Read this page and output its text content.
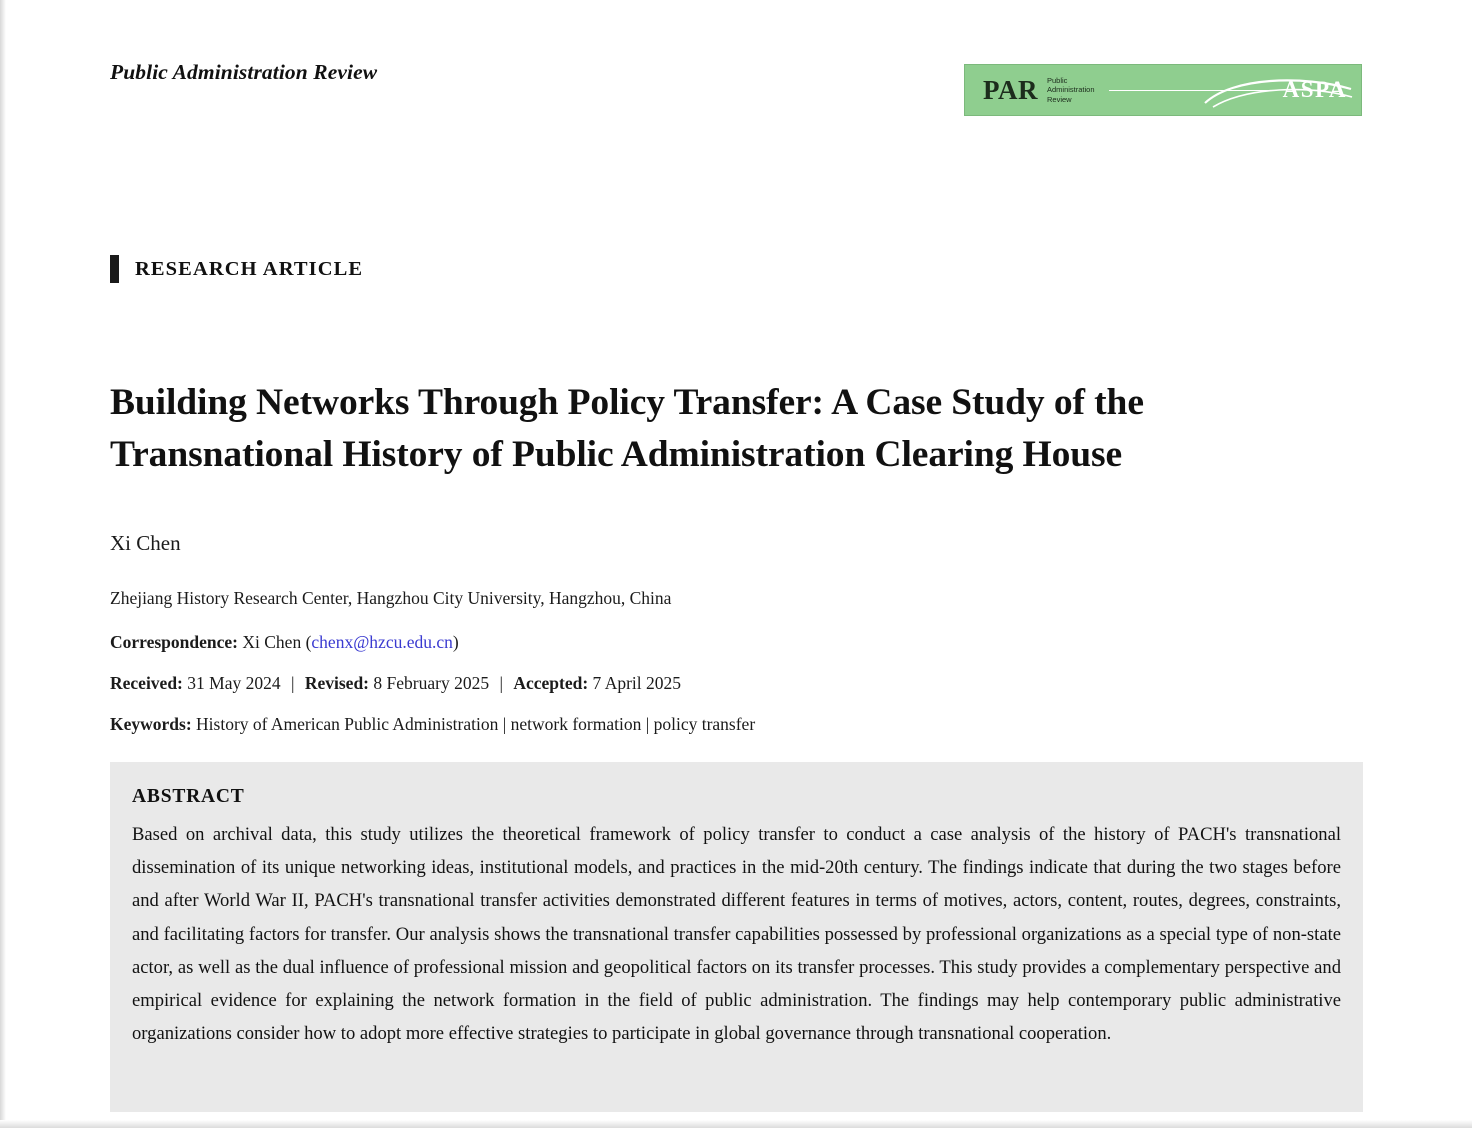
Public Administration Review
PAR Public
Administration
Review	ASPA
RESEARCH ARTICLE
Building Networks Through Policy Transfer: A Case Study of the Transnational History of Public Administration Clearing House
Xi Chen
Zhejiang History Research Center, Hangzhou City University, Hangzhou, China
Correspondence: Xi Chen (chenx@hzcu.edu.cn)
Received: 31 May 2024 | Revised: 8 February 2025 | Accepted: 7 April 2025
Keywords: History of American Public Administration | network formation | policy transfer
ABSTRACT
Based on archival data, this study utilizes the theoretical framework of policy transfer to conduct a case analysis of the history of PACH's transnational dissemination of its unique networking ideas, institutional models, and practices in the mid-20th century. The findings indicate that during the two stages before and after World War II, PACH's transnational transfer activities demonstrated different features in terms of motives, actors, content, routes, degrees, constraints, and facilitating factors for transfer. Our analysis shows the transnational transfer capabilities possessed by professional organizations as a special type of non-state actor, as well as the dual influence of professional mission and geopolitical factors on its transfer processes. This study provides a complementary perspective and empirical evidence for explaining the network formation in the field of public administration. The findings may help contemporary public administrative organizations consider how to adopt more effective strategies to participate in global governance through transnational cooperation.
